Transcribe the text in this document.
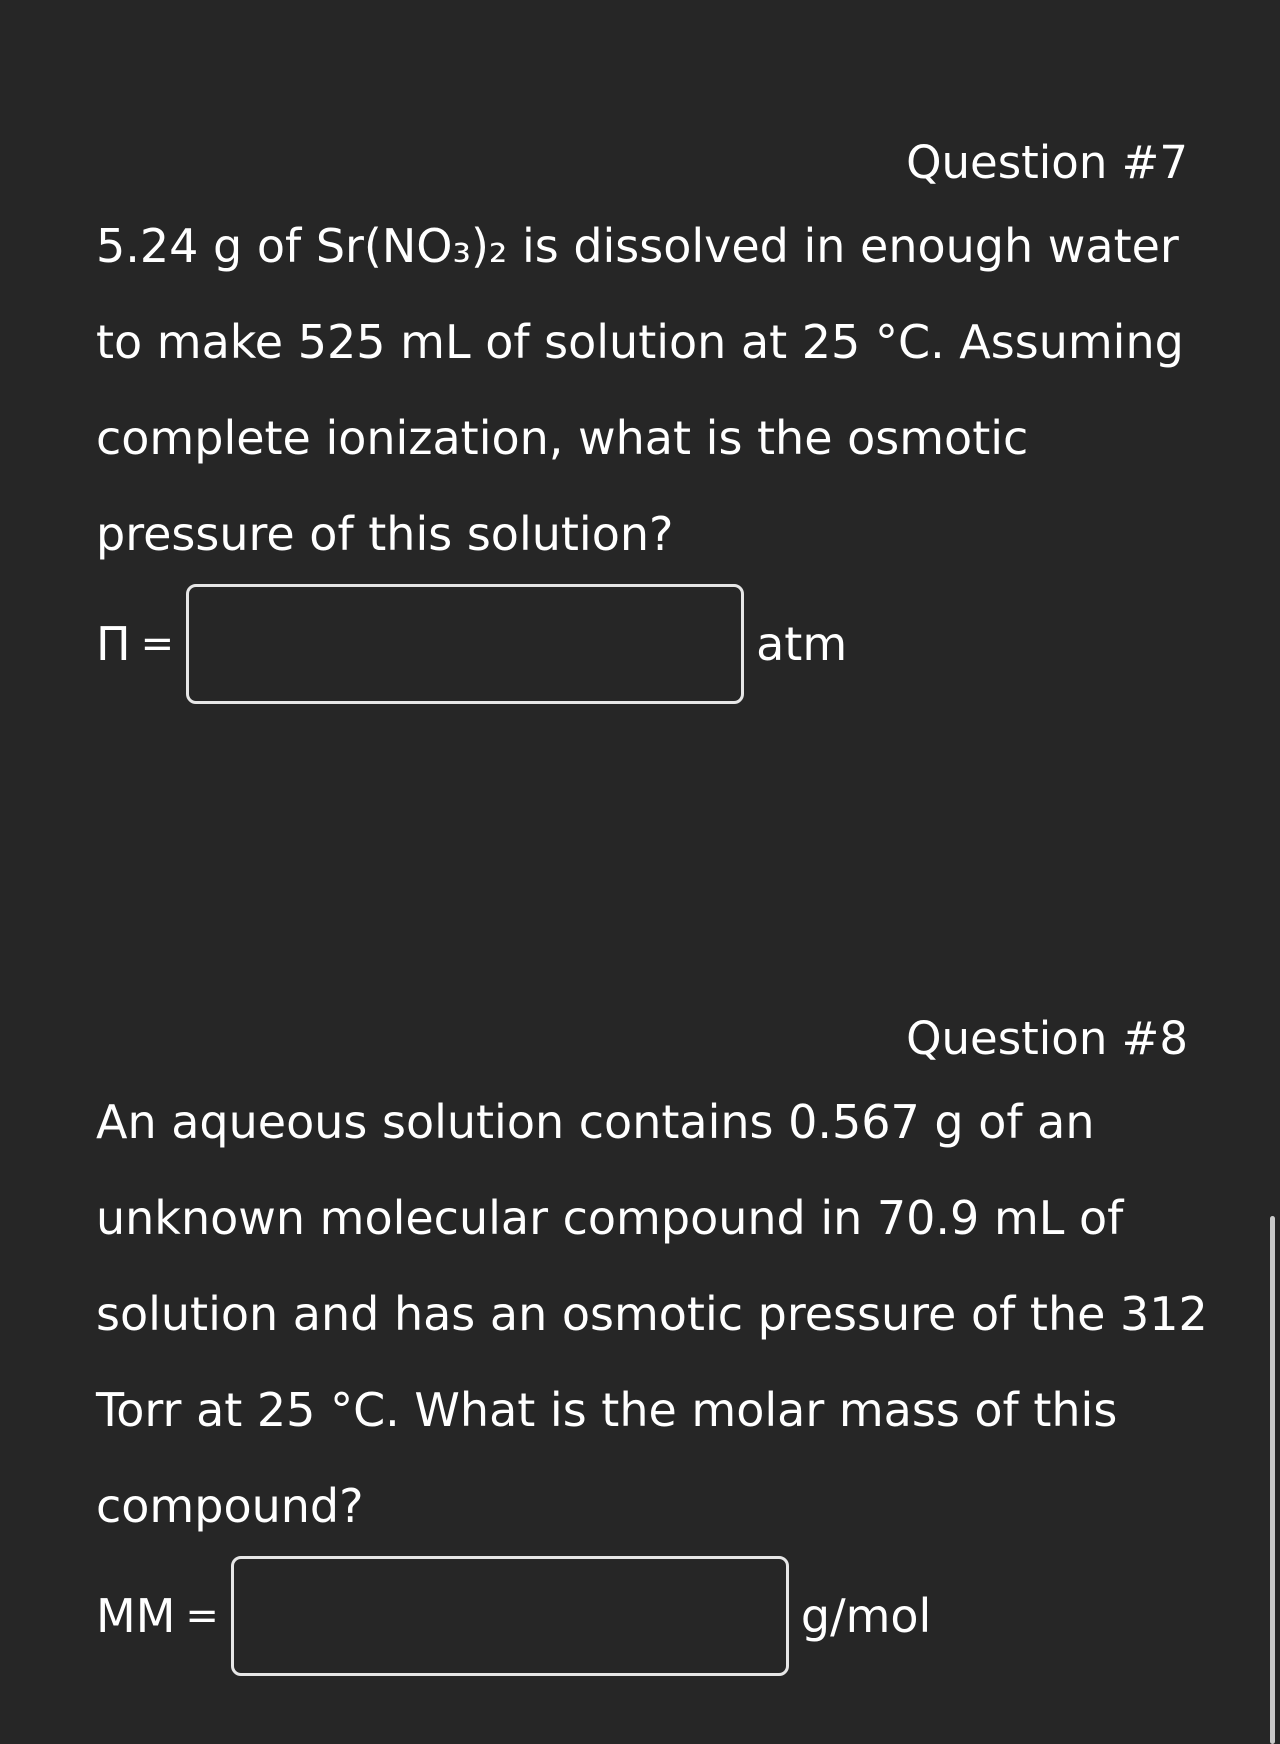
Question #7
5.24 g of Sr(NO₃)₂ is dissolved in enough water
to make 525 mL of solution at 25 °C. Assuming
complete ionization, what is the osmotic
pressure of this solution?
Π =	atm
Question #8
An aqueous solution contains 0.567 g of an
unknown molecular compound in 70.9 mL of
solution and has an osmotic pressure of the 312
Torr at 25 °C. What is the molar mass of this
compound?
MM =	g/mol
